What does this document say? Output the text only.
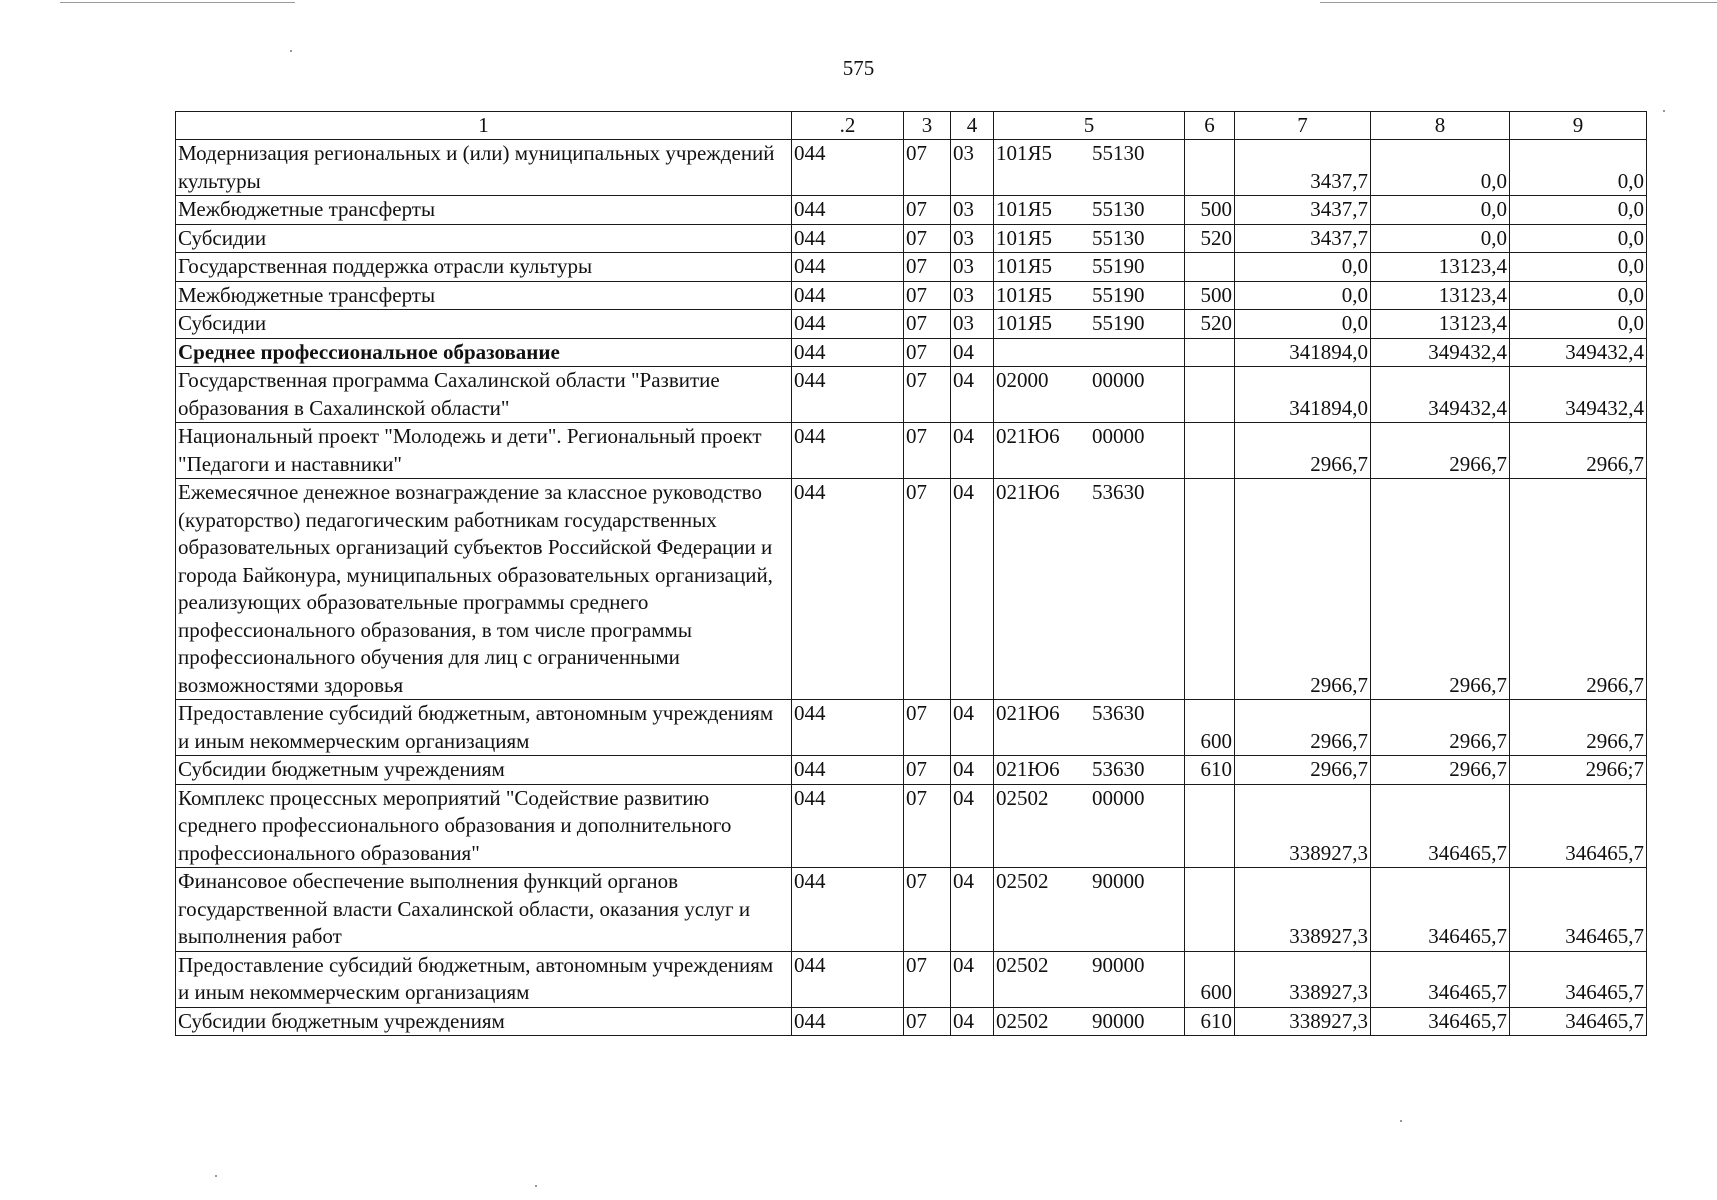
575
1	.2	3	4	5	6	7	8	9
Модернизация региональных и (или) муниципальных учреждений культуры	044	07	03	101Я5 55130		3437,7	0,0	0,0
Межбюджетные трансферты	044	07	03	101Я5 55130	500	3437,7	0,0	0,0
Субсидии	044	07	03	101Я5 55130	520	3437,7	0,0	0,0
Государственная поддержка отрасли культуры	044	07	03	101Я5 55190		0,0	13123,4	0,0
Межбюджетные трансферты	044	07	03	101Я5 55190	500	0,0	13123,4	0,0
Субсидии	044	07	03	101Я5 55190	520	0,0	13123,4	0,0
Среднее профессиональное образование	044	07	04			341894,0	349432,4	349432,4
Государственная программа Сахалинской области "Развитие образования в Сахалинской области"	044	07	04	02000 00000		341894,0	349432,4	349432,4
Национальный проект "Молодежь и дети". Региональный проект "Педагоги и наставники"	044	07	04	021Ю6 00000		2966,7	2966,7	2966,7
Ежемесячное денежное вознаграждение за классное руководство (кураторство) педагогическим работникам государственных образовательных организаций субъектов Российской Федерации и города Байконура, муниципальных образовательных организаций, реализующих образовательные программы среднего профессионального образования, в том числе программы профессионального обучения для лиц с ограниченными возможностями здоровья	044	07	04	021Ю6 53630		2966,7	2966,7	2966,7
Предоставление субсидий бюджетным, автономным учреждениям и иным некоммерческим организациям	044	07	04	021Ю6 53630	600	2966,7	2966,7	2966,7
Субсидии бюджетным учреждениям	044	07	04	021Ю6 53630	610	2966,7	2966,7	2966;7
Комплекс процессных мероприятий "Содействие развитию среднего профессионального образования и дополнительного профессионального образования"	044	07	04	02502 00000		338927,3	346465,7	346465,7
Финансовое обеспечение выполнения функций органов государственной власти Сахалинской области, оказания услуг и выполнения работ	044	07	04	02502 90000		338927,3	346465,7	346465,7
Предоставление субсидий бюджетным, автономным учреждениям и иным некоммерческим организациям	044	07	04	02502 90000	600	338927,3	346465,7	346465,7
Субсидии бюджетным учреждениям	044	07	04	02502 90000	610	338927,3	346465,7	346465,7
